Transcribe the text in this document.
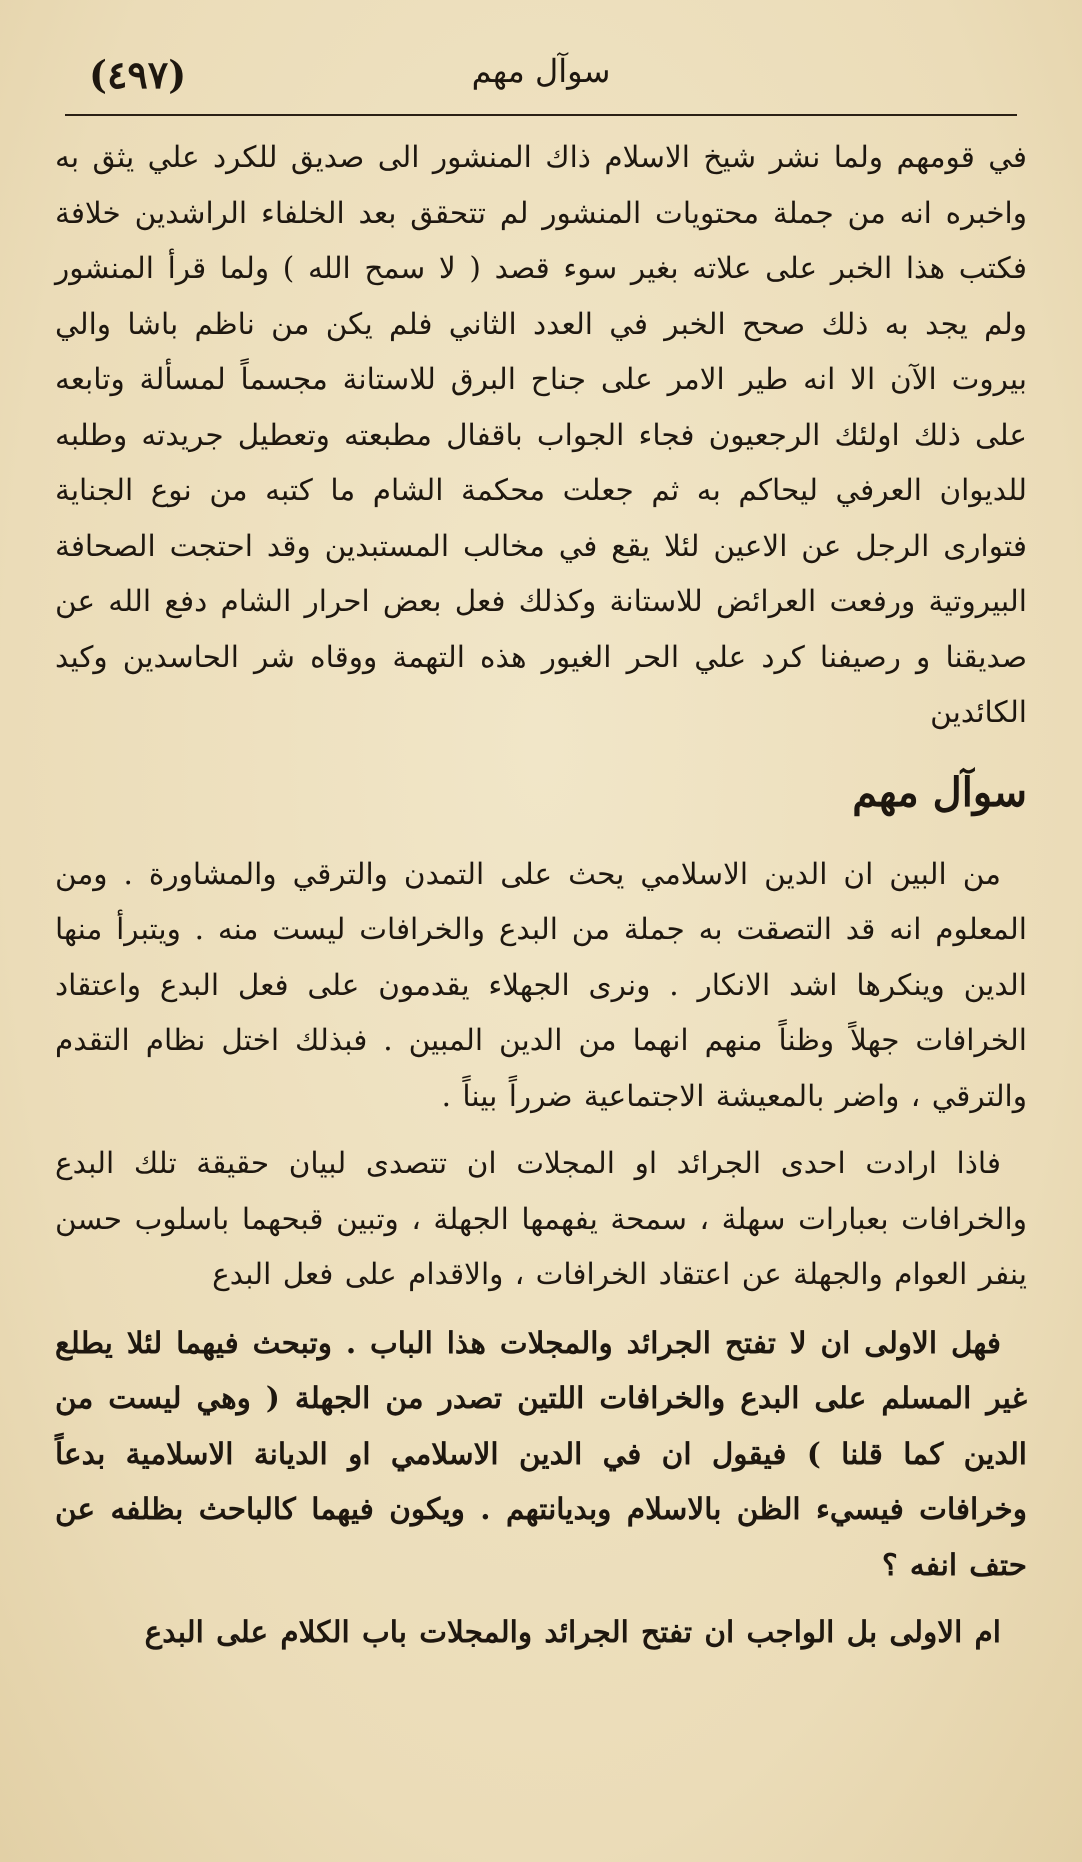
(٤٩٧)	سوآل مهم

في قومهم ولما نشر شيخ الاسلام ذاك المنشور الى صديق للكرد علي يثق به واخبره انه من جملة محتويات المنشور لم تتحقق بعد الخلفاء الراشدين خلافة فكتب هذا الخبر على علاته بغير سوء قصد ( لا سمح الله ) ولما قرأ المنشور ولم يجد به ذلك صحح الخبر في العدد الثاني فلم يكن من ناظم باشا والي بيروت الآن الا انه طير الامر على جناح البرق للاستانة مجسماً لمسألة وتابعه على ذلك اولئك الرجعيون فجاء الجواب باقفال مطبعته وتعطيل جريدته وطلبه للديوان العرفي ليحاكم به ثم جعلت محكمة الشام ما كتبه من نوع الجناية فتوارى الرجل عن الاعين لئلا يقع في مخالب المستبدين وقد احتجت الصحافة البيروتية ورفعت العرائض للاستانة وكذلك فعل بعض احرار الشام دفع الله عن صديقنا و رصيفنا كرد علي الحر الغيور هذه التهمة ووقاه شر الحاسدين وكيد الكائدين

سوآل مهم

من البين ان الدين الاسلامي يحث على التمدن والترقي والمشاورة . ومن المعلوم انه قد التصقت به جملة من البدع والخرافات ليست منه . ويتبرأ منها الدين وينكرها اشد الانكار . ونرى الجهلاء يقدمون على فعل البدع واعتقاد الخرافات جهلاً وظناً منهم انهما من الدين المبين . فبذلك اختل نظام التقدم والترقي ، واضر بالمعيشة الاجتماعية ضرراً بيناً .

فاذا ارادت احدى الجرائد او المجلات ان تتصدى لبيان حقيقة تلك البدع والخرافات بعبارات سهلة ، سمحة يفهمها الجهلة ، وتبين قبحهما باسلوب حسن ينفر العوام والجهلة عن اعتقاد الخرافات ، والاقدام على فعل البدع

فهل الاولى ان لا تفتح الجرائد والمجلات هذا الباب . وتبحث فيهما لئلا يطلع غير المسلم على البدع والخرافات اللتين تصدر من الجهلة ( وهي ليست من الدين كما قلنا ) فيقول ان في الدين الاسلامي او الديانة الاسلامية بدعاً وخرافات فيسيء الظن بالاسلام وبديانتهم . ويكون فيهما كالباحث بظلفه عن حتف انفه ؟

ام الاولى بل الواجب ان تفتح الجرائد والمجلات باب الكلام على البدع
